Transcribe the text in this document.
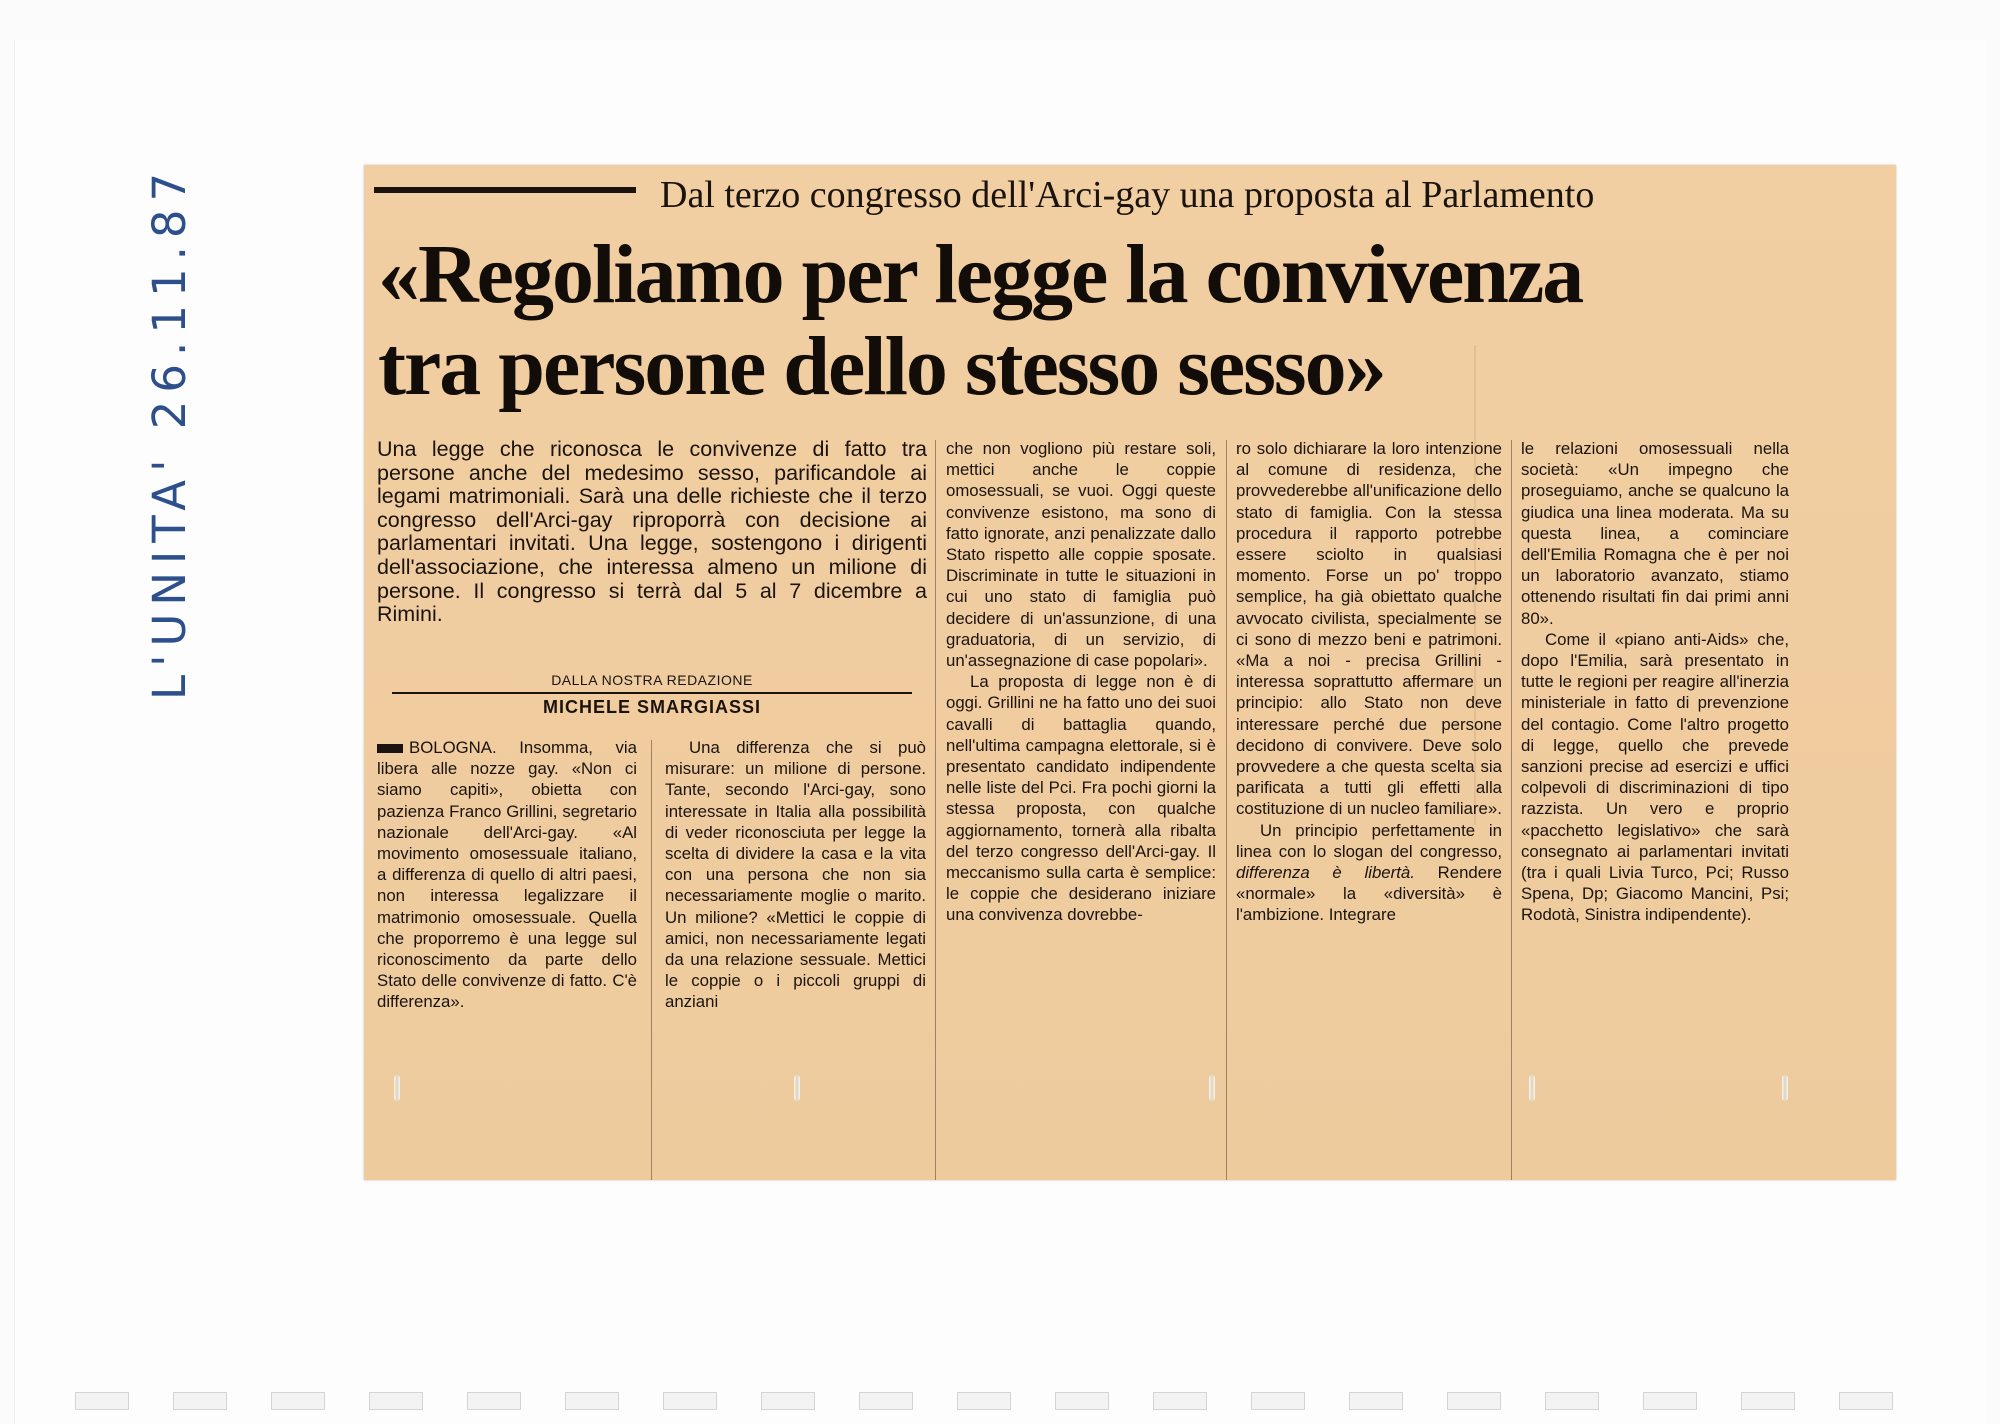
L'UNITA' 26.11.87	Dal terzo congresso dell'Arci-gay una proposta al Parlamento
«Regoliamo per legge la convivenza
tra persone dello stesso sesso»

Una legge che riconosca le convivenze di fatto tra persone anche del medesimo sesso, parificandole ai legami matrimoniali. Sarà una delle richieste che il terzo congresso dell'Arci-gay riproporrà con decisione ai parlamentari invitati. Una legge, sostengono i dirigenti dell'associazione, che interessa almeno un milione di persone. Il congresso si terrà dal 5 al 7 dicembre a Rimini.

DALLA NOSTRA REDAZIONE
MICHELE SMARGIASSI

BOLOGNA. Insomma, via libera alle nozze gay. «Non ci siamo capiti», obietta con pazienza Franco Grillini, segretario nazionale dell'Arci-gay. «Al movimento omosessuale italiano, a differenza di quello di altri paesi, non interessa legalizzare il matrimonio omosessuale. Quella che proporremo è una legge sul riconoscimento da parte dello Stato delle convivenze di fatto. C'è differenza».

Una differenza che si può misurare: un milione di persone. Tante, secondo l'Arci-gay, sono interessate in Italia alla possibilità di veder riconosciuta per legge la scelta di dividere la casa e la vita con una persona che non sia necessariamente moglie o marito. Un milione? «Mettici le coppie di amici, non necessariamente legati da una relazione sessuale. Mettici le coppie o i piccoli gruppi di anziani

che non vogliono più restare soli, mettici anche le coppie omosessuali, se vuoi. Oggi queste convivenze esistono, ma sono di fatto ignorate, anzi penalizzate dallo Stato rispetto alle coppie sposate. Discriminate in tutte le situazioni in cui uno stato di famiglia può decidere di un'assunzione, di una graduatoria, di un servizio, di un'assegnazione di case popolari».

La proposta di legge non è di oggi. Grillini ne ha fatto uno dei suoi cavalli di battaglia quando, nell'ultima campagna elettorale, si è presentato candidato indipendente nelle liste del Pci. Fra pochi giorni la stessa proposta, con qualche aggiornamento, tornerà alla ribalta del terzo congresso dell'Arci-gay. Il meccanismo sulla carta è semplice: le coppie che desiderano iniziare una convivenza dovrebbe-

ro solo dichiarare la loro intenzione al comune di residenza, che provvederebbe all'unificazione dello stato di famiglia. Con la stessa procedura il rapporto potrebbe essere sciolto in qualsiasi momento. Forse un po' troppo semplice, ha già obiettato qualche avvocato civilista, specialmente se ci sono di mezzo beni e patrimoni. «Ma a noi - precisa Grillini - interessa soprattutto affermare un principio: allo Stato non deve interessare perché due persone decidono di convivere. Deve solo provvedere a che questa scelta sia parificata a tutti gli effetti alla costituzione di un nucleo familiare».

Un principio perfettamente in linea con lo slogan del congresso, differenza è libertà. Rendere «normale» la «diversità» è l'ambizione. Integrare

le relazioni omosessuali nella società: «Un impegno che proseguiamo, anche se qualcuno la giudica una linea moderata. Ma su questa linea, a cominciare dell'Emilia Romagna che è per noi un laboratorio avanzato, stiamo ottenendo risultati fin dai primi anni 80».

Come il «piano anti-Aids» che, dopo l'Emilia, sarà presentato in tutte le regioni per reagire all'inerzia ministeriale in fatto di prevenzione del contagio. Come l'altro progetto di legge, quello che prevede sanzioni precise ad esercizi e uffici colpevoli di discriminazioni di tipo razzista. Un vero e proprio «pacchetto legislativo» che sarà consegnato ai parlamentari invitati (tra i quali Livia Turco, Pci; Russo Spena, Dp; Giacomo Mancini, Psi; Rodotà, Sinistra indipendente).
